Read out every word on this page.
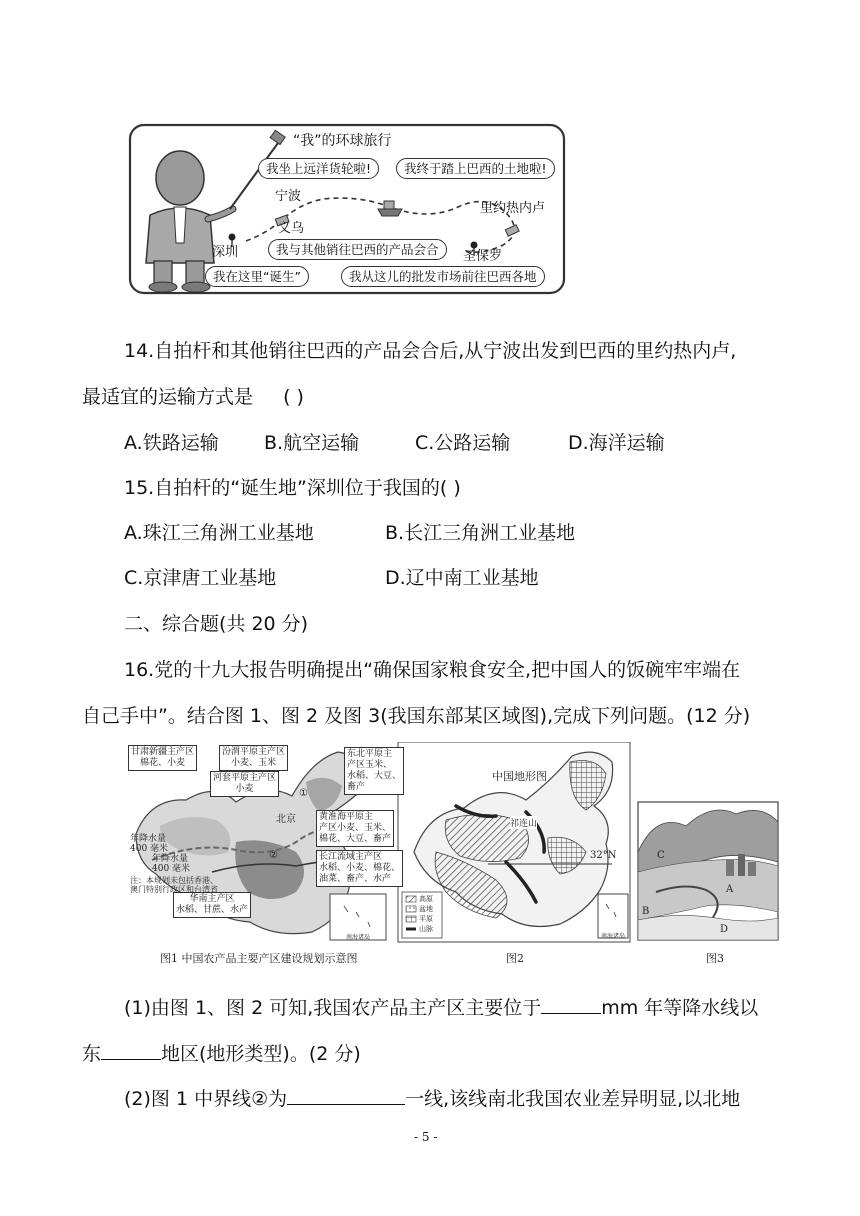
“我”的环球旅行
我坐上远洋货轮啦!	我终于踏上巴西的土地啦!
我与其他销往巴西的产品会合
我在这里“诞生”	我从这儿的批发市场前往巴西各地
宁波
义乌
深圳
里约热内卢
圣保罗
14.自拍杆和其他销往巴西的产品会合后,从宁波出发到巴西的里约热内卢,
最适宜的运输方式是 ( )
A.铁路运输 B.航空运输	C.公路运输	D.海洋运输
15.自拍杆的“诞生地”深圳位于我国的( )
A.珠江三角洲工业基地	B.长江三角洲工业基地
C.京津唐工业基地	D.辽中南工业基地
二、综合题(共 20 分)
16.党的十九大报告明确提出“确保国家粮食安全,把中国人的饭碗牢牢端在
自己手中”。结合图 1、图 2 及图 3(我国东部某区域图),完成下列问题。(12 分)
甘肃新疆主产区
棉花、小麦
汾渭平原主产区
小麦、玉米
河套平原主产区
小麦
东北平原主
产区玉米、
水稻、大豆、
畜产
黄淮海平原主
产区小麦、玉米、
棉花、大豆、畜产
长江流域主产区
水稻、小麦、棉花、
油菜、畜产、水产
华南主产区
水稻、甘蔗、水产
北京
年降水量
400 毫米
年降水量
400 毫米
注：本规划未包括香港、
澳门特别行政区和台湾省
南海诸岛
①
②
中国地形图
祁连山
32°N
高原
盆地
平原
山脉
南海诸岛
C
A
B
D
图1 中国农产品主要产区建设规划示意图	图2	图3
(1)由图 1、图 2 可知,我国农产品主产区主要位于	mm 年等降水线以
东	地区(地形类型)。(2 分)
(2)图 1 中界线②为	一线,该线南北我国农业差异明显,以北地
- 5 -
